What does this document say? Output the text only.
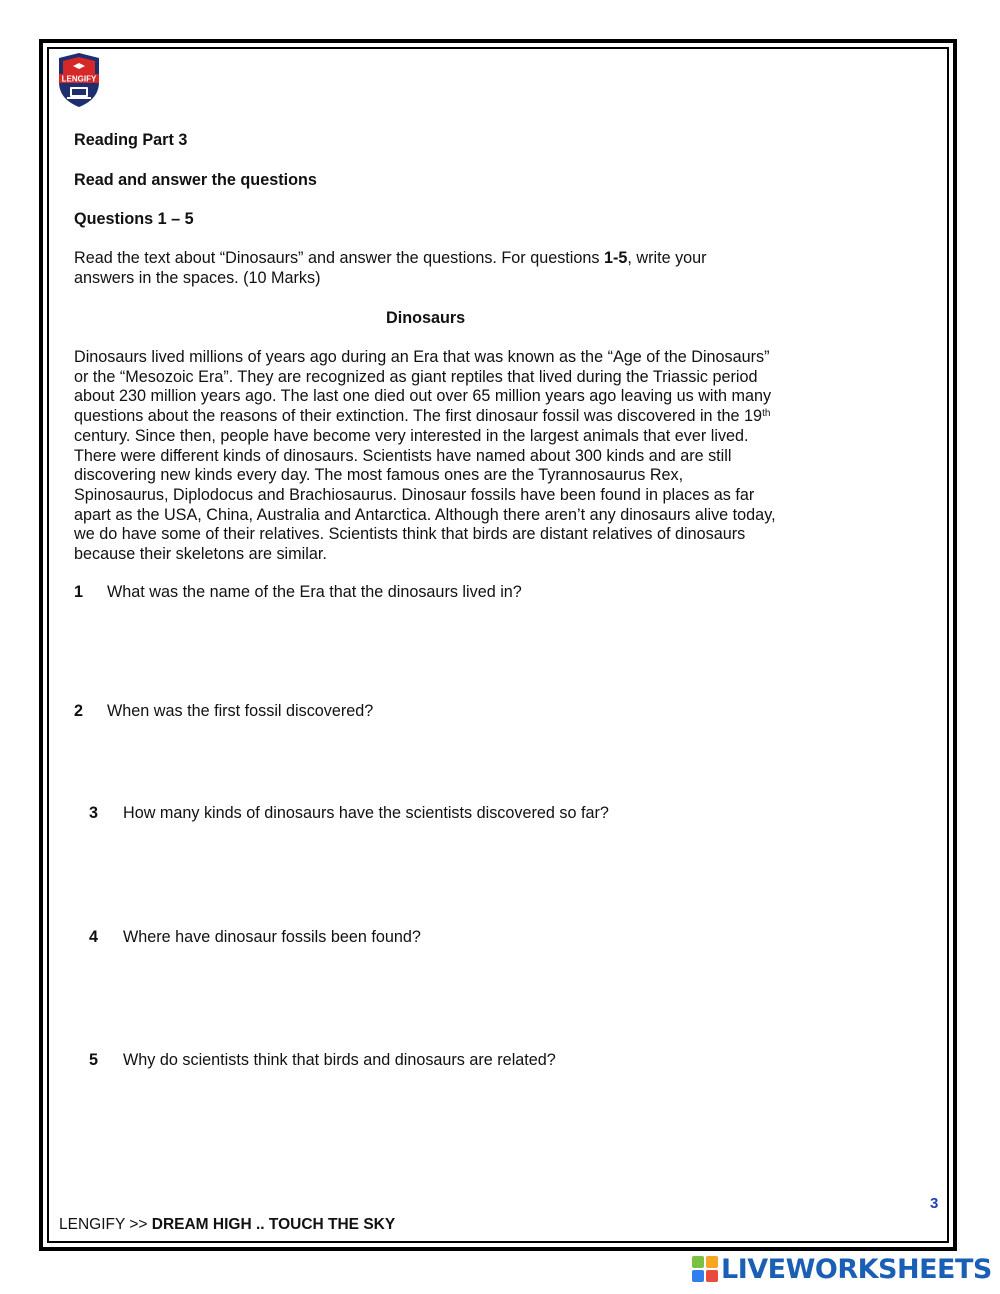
LENGIFY

Reading Part 3

Read and answer the questions

Questions 1 – 5

Read the text about “Dinosaurs” and answer the questions. For questions 1-5, write your

answers in the spaces. (10 Marks)

Dinosaurs

Dinosaurs lived millions of years ago during an Era that was known as the “Age of the Dinosaurs”
or the “Mesozoic Era”. They are recognized as giant reptiles that lived during the Triassic period
about 230 million years ago. The last one died out over 65 million years ago leaving us with many
questions about the reasons of their extinction. The first dinosaur fossil was discovered in the 19th
century. Since then, people have become very interested in the largest animals that ever lived.
There were different kinds of dinosaurs. Scientists have named about 300 kinds and are still
discovering new kinds every day. The most famous ones are the Tyrannosaurus Rex,
Spinosaurus, Diplodocus and Brachiosaurus. Dinosaur fossils have been found in places as far
apart as the USA, China, Australia and Antarctica. Although there aren’t any dinosaurs alive today,
we do have some of their relatives. Scientists think that birds are distant relatives of dinosaurs
because their skeletons are similar.

1 What was the name of the Era that the dinosaurs lived in?

2 When was the first fossil discovered?

3 How many kinds of dinosaurs have the scientists discovered so far?

4 Where have dinosaur fossils been found?

5 Why do scientists think that birds and dinosaurs are related?

3
LENGIFY >> DREAM HIGH .. TOUCH THE SKY
LIVEWORKSHEETS
